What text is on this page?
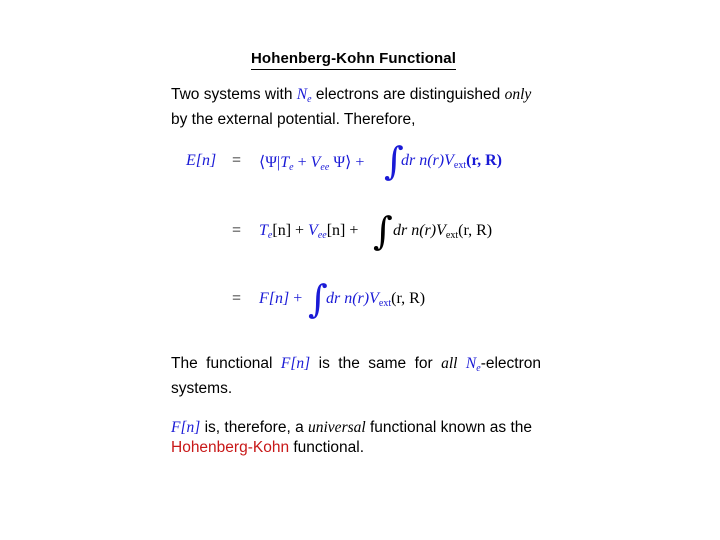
Hohenberg-Kohn Functional
Two systems with $N_e$ electrons are distinguished only
by the external potential. Therefore,
$E[n] = ⟨\Psi|T_e + V_{ee}$ Ψ⟩ + ∫
dr n(r)Vext(r, R)
= $T_e[n] + V_{ee}[n]$ + ∫ dr n(r)Vext(r, R)
= F[n] + ∫
dr n(r)Vext(r, R)
The functional F[n] is the same for all $N_e$-electron
systems.
F[n] is, therefore, a universal functional known as the
Hohenberg-Kohn functional.
